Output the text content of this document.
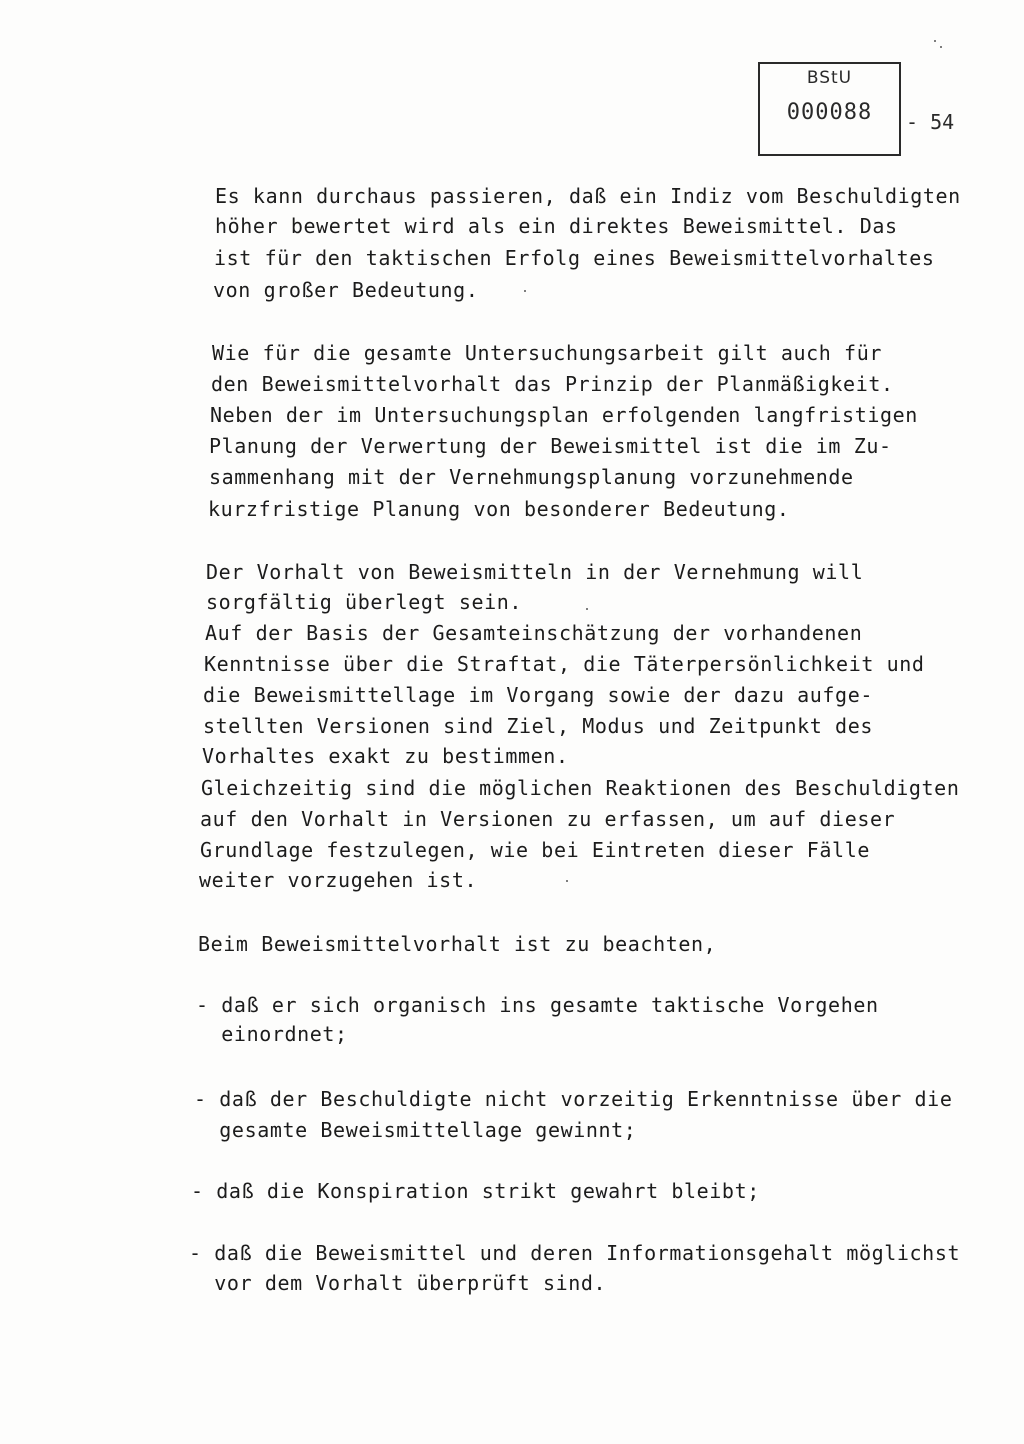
BStU
000088	- 54
Es kann durchaus passieren, daß ein Indiz vom Beschuldigten
höher bewertet wird als ein direktes Beweismittel. Das
ist für den taktischen Erfolg eines Beweismittelvorhaltes
von großer Bedeutung.
Wie für die gesamte Untersuchungsarbeit gilt auch für
den Beweismittelvorhalt das Prinzip der Planmäßigkeit.
Neben der im Untersuchungsplan erfolgenden langfristigen
Planung der Verwertung der Beweismittel ist die im Zu-
sammenhang mit der Vernehmungsplanung vorzunehmende
kurzfristige Planung von besonderer Bedeutung.
Der Vorhalt von Beweismitteln in der Vernehmung will
sorgfältig überlegt sein.
Auf der Basis der Gesamteinschätzung der vorhandenen
Kenntnisse über die Straftat, die Täterpersönlichkeit und
die Beweismittellage im Vorgang sowie der dazu aufge-
stellten Versionen sind Ziel, Modus und Zeitpunkt des
Vorhaltes exakt zu bestimmen.
Gleichzeitig sind die möglichen Reaktionen des Beschuldigten
auf den Vorhalt in Versionen zu erfassen, um auf dieser
Grundlage festzulegen, wie bei Eintreten dieser Fälle
weiter vorzugehen ist.
Beim Beweismittelvorhalt ist zu beachten,
- daß er sich organisch ins gesamte taktische Vorgehen
einordnet;
- daß der Beschuldigte nicht vorzeitig Erkenntnisse über die
gesamte Beweismittellage gewinnt;
- daß die Konspiration strikt gewahrt bleibt;
- daß die Beweismittel und deren Informationsgehalt möglichst
vor dem Vorhalt überprüft sind.
